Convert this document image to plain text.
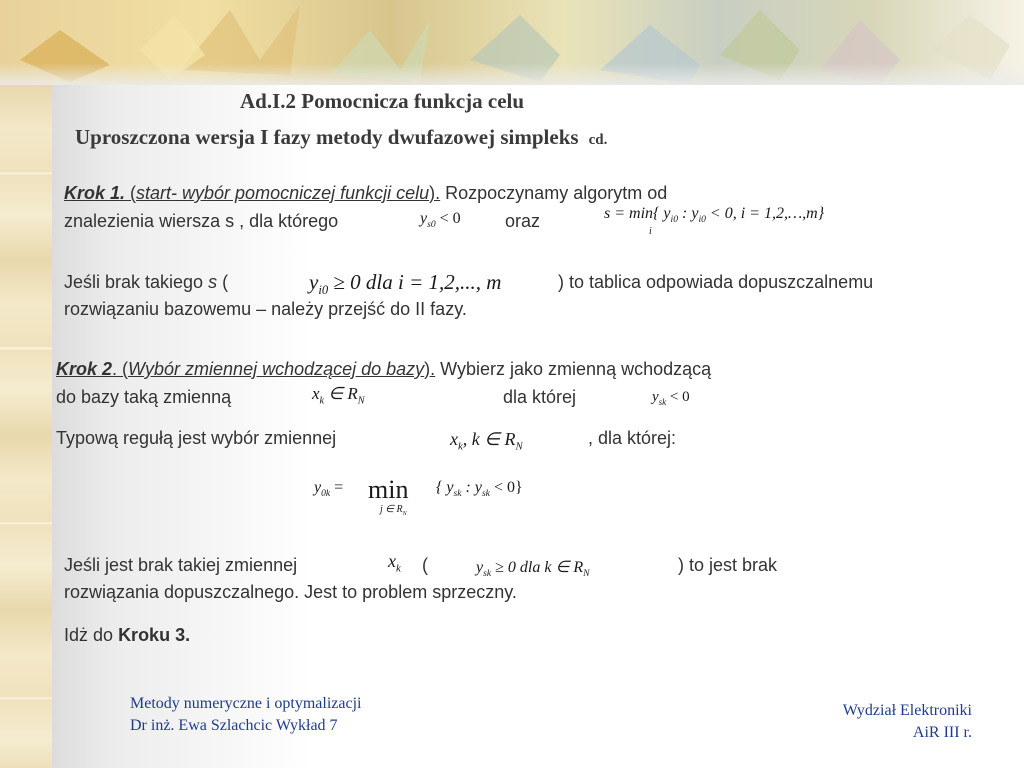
Ad.I.2 Pomocnicza funkcja celu
Uproszczona wersja I fazy metody dwufazowej simpleks cd.
Krok 1. (start- wybór pomocniczej funkcji celu). Rozpoczynamy algorytm od
znalezienia wiersza s , dla którego	$y_{s0} < 0$ oraz	s = min{ $y_{i0}$ : $y_{i0} < 0$, i = 1,2,…,m}
i
Jeśli brak takiego s (	$y_{i0} \ge 0$ dla i = 1,2,..., m	) to tablica odpowiada dopuszczalnemu
rozwiązaniu bazowemu – należy przejść do II fazy.
Krok 2. (Wybór zmiennej wchodzącej do bazy). Wybierz jako zmienną wchodzącą
do bazy taką zmienną	$x_k$ ∈ $R_N$	dla której	$y_{sk} < 0$
Typową regułą jest wybór zmiennej	$x_k$, k ∈ $R_N$	, dla której:
$y_{0k} = \min$
j ∈ $R_N$
{ $y_{sk}$ : $y_{sk} < 0$}
Jeśli jest brak takiej zmiennej	$x_k$ (	$y_{sk} \ge 0$ dla k ∈ $R_N$	) to jest brak
rozwiązania dopuszczalnego. Jest to problem sprzeczny.
Idż do Kroku 3.
Metody numeryczne i optymalizacji
Dr inż. Ewa Szlachcic Wykład 7
Wydział Elektroniki
AiR III r.
